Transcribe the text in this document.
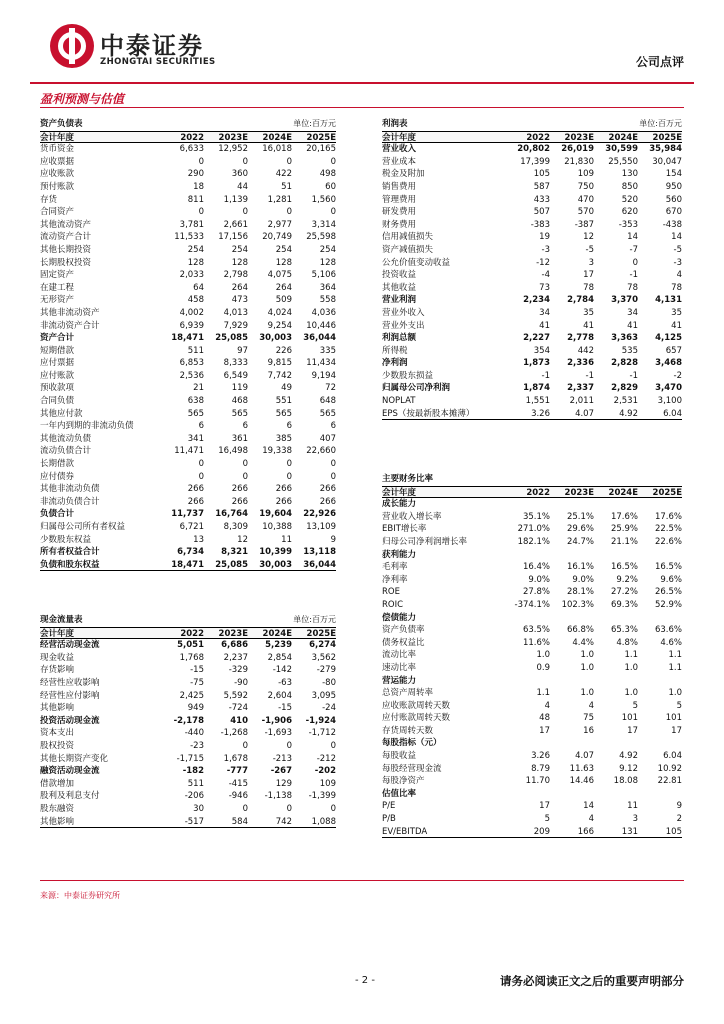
中泰证券
ZHONGTAI SECURITIES	公司点评
盈利预测与估值
资产负债表	单位:百万元
会计年度	2022	2023E	2024E	2025E
货币资金	6,633	12,952	16,018	20,165
应收票据	0	0	0	0
应收账款	290	360	422	498
预付账款	18	44	51	60
存货	811	1,139	1,281	1,560
合同资产	0	0	0	0
其他流动资产	3,781	2,661	2,977	3,314
流动资产合计	11,533	17,156	20,749	25,598
其他长期投资	254	254	254	254
长期股权投资	128	128	128	128
固定资产	2,033	2,798	4,075	5,106
在建工程	64	264	264	364
无形资产	458	473	509	558
其他非流动资产	4,002	4,013	4,024	4,036
非流动资产合计	6,939	7,929	9,254	10,446
资产合计	18,471	25,085	30,003	36,044
短期借款	511	97	226	335
应付票据	6,853	8,333	9,815	11,434
应付账款	2,536	6,549	7,742	9,194
预收款项	21	119	49	72
合同负债	638	468	551	648
其他应付款	565	565	565	565
一年内到期的非流动负债	6	6	6	6
其他流动负债	341	361	385	407
流动负债合计	11,471	16,498	19,338	22,660
长期借款	0	0	0	0
应付债券	0	0	0	0
其他非流动负债	266	266	266	266
非流动负债合计	266	266	266	266
负债合计	11,737	16,764	19,604	22,926
归属母公司所有者权益	6,721	8,309	10,388	13,109
少数股东权益	13	12	11	9
所有者权益合计	6,734	8,321	10,399	13,118
负债和股东权益	18,471	25,085	30,003	36,044
现金流量表	单位:百万元
会计年度	2022	2023E	2024E	2025E
经营活动现金流	5,051	6,686	5,239	6,274
现金收益	1,768	2,237	2,854	3,562
存货影响	-15	-329	-142	-279
经营性应收影响	-75	-90	-63	-80
经营性应付影响	2,425	5,592	2,604	3,095
其他影响	949	-724	-15	-24
投资活动现金流	-2,178	410	-1,906	-1,924
资本支出	-440	-1,268	-1,693	-1,712
股权投资	-23	0	0	0
其他长期资产变化	-1,715	1,678	-213	-212
融资活动现金流	-182	-777	-267	-202
借款增加	511	-415	129	109
股利及利息支付	-206	-946	-1,138	-1,399
股东融资	30	0	0	0
其他影响	-517	584	742	1,088
利润表	单位:百万元
会计年度	2022	2023E	2024E	2025E
营业收入	20,802	26,019	30,599	35,984
营业成本	17,399	21,830	25,550	30,047
税金及附加	105	109	130	154
销售费用	587	750	850	950
管理费用	433	470	520	560
研发费用	507	570	620	670
财务费用	-383	-387	-353	-438
信用减值损失	19	12	14	14
资产减值损失	-3	-5	-7	-5
公允价值变动收益	-12	3	0	-3
投资收益	-4	17	-1	4
其他收益	73	78	78	78
营业利润	2,234	2,784	3,370	4,131
营业外收入	34	35	34	35
营业外支出	41	41	41	41
利润总额	2,227	2,778	3,363	4,125
所得税	354	442	535	657
净利润	1,873	2,336	2,828	3,468
少数股东损益	-1	-1	-1	-2
归属母公司净利润	1,874	2,337	2,829	3,470
NOPLAT	1,551	2,011	2,531	3,100
EPS（按最新股本摊薄）	3.26	4.07	4.92	6.04
主要财务比率
会计年度	2022	2023E	2024E	2025E
成长能力
营业收入增长率	35.1%	25.1%	17.6%	17.6%
EBIT增长率	271.0%	29.6%	25.9%	22.5%
归母公司净利润增长率	182.1%	24.7%	21.1%	22.6%
获利能力
毛利率	16.4%	16.1%	16.5%	16.5%
净利率	9.0%	9.0%	9.2%	9.6%
ROE	27.8%	28.1%	27.2%	26.5%
ROIC	-374.1%	102.3%	69.3%	52.9%
偿债能力
资产负债率	63.5%	66.8%	65.3%	63.6%
债务权益比	11.6%	4.4%	4.8%	4.6%
流动比率	1.0	1.0	1.1	1.1
速动比率	0.9	1.0	1.0	1.1
营运能力
总资产周转率	1.1	1.0	1.0	1.0
应收账款周转天数	4	4	5	5
应付账款周转天数	48	75	101	101
存货周转天数	17	16	17	17
每股指标（元）
每股收益	3.26	4.07	4.92	6.04
每股经营现金流	8.79	11.63	9.12	10.92
每股净资产	11.70	14.46	18.08	22.81
估值比率
P/E	17	14	11	9
P/B	5	4	3	2
EV/EBITDA	209	166	131	105
来源：中泰证券研究所
- 2 -	请务必阅读正文之后的重要声明部分
